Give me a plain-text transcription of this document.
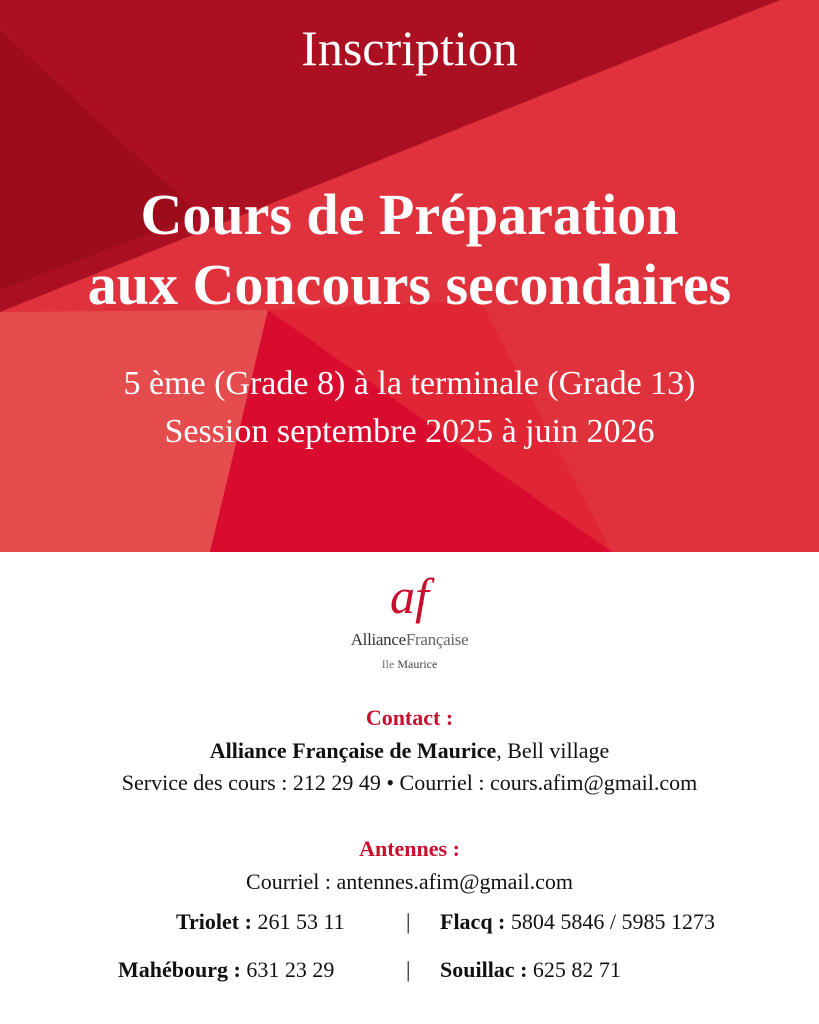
Inscription
Cours de Préparation
aux Concours secondaires
5 ème (Grade 8) à la terminale (Grade 13)
Session septembre 2025 à juin 2026
af
AllianceFrançaise
Ile Maurice
Contact :
Alliance Française de Maurice, Bell village
Service des cours : 212 29 49 • Courriel : cours.afim@gmail.com
Antennes :
Courriel : antennes.afim@gmail.com
Triolet : 261 53 11	| Flacq : 5804 5846 / 5985 1273
Mahébourg : 631 23 29	| Souillac : 625 82 71
